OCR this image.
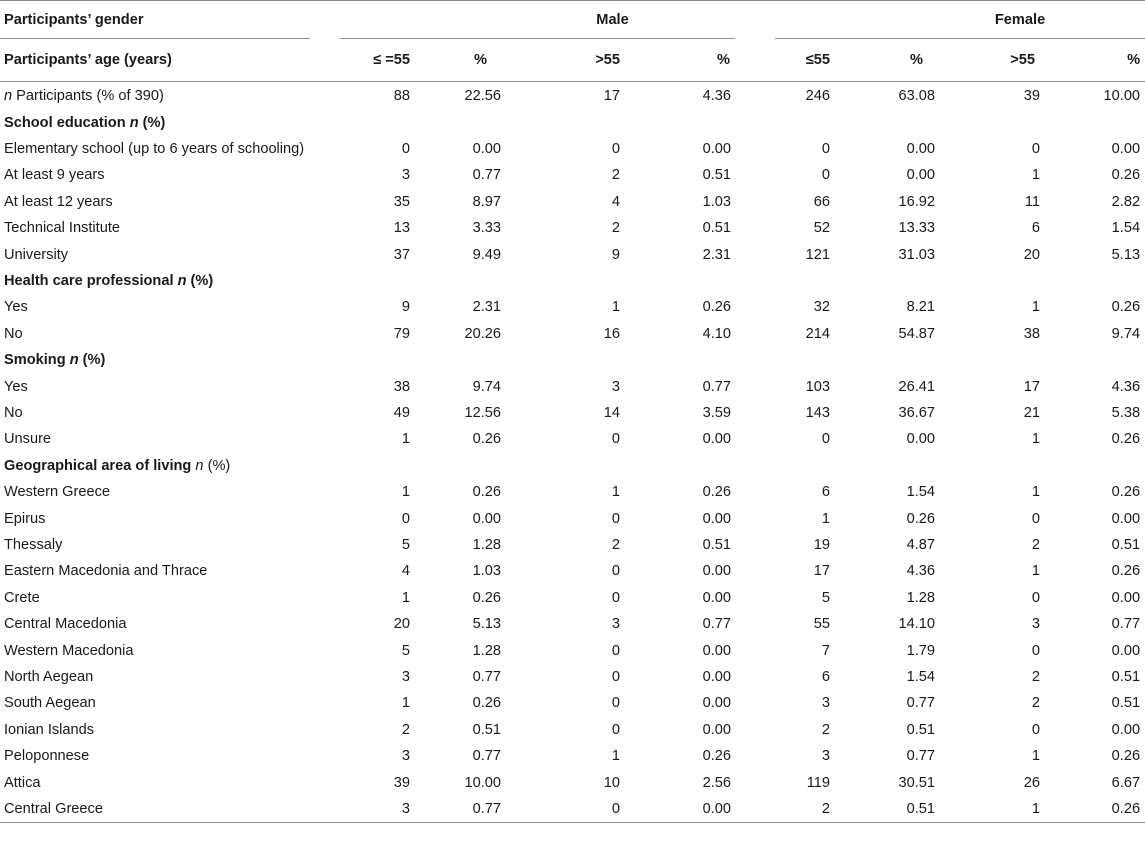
Participants’ gender	Male				Female			
Participants’ age (years)	≤ =55	%	>55	%	≤55	%	>55	%
n Participants (% of 390)	88	22.56	17	4.36	246	63.08	39	10.00
School education n (%)								
Elementary school (up to 6 years of schooling)	0	0.00	0	0.00	0	0.00	0	0.00
At least 9 years	3	0.77	2	0.51	0	0.00	1	0.26
At least 12 years	35	8.97	4	1.03	66	16.92	11	2.82
Technical Institute	13	3.33	2	0.51	52	13.33	6	1.54
University	37	9.49	9	2.31	121	31.03	20	5.13
Health care professional n (%)								
Yes	9	2.31	1	0.26	32	8.21	1	0.26
No	79	20.26	16	4.10	214	54.87	38	9.74
Smoking n (%)								
Yes	38	9.74	3	0.77	103	26.41	17	4.36
No	49	12.56	14	3.59	143	36.67	21	5.38
Unsure	1	0.26	0	0.00	0	0.00	1	0.26
Geographical area of living n (%)								
Western Greece	1	0.26	1	0.26	6	1.54	1	0.26
Epirus	0	0.00	0	0.00	1	0.26	0	0.00
Thessaly	5	1.28	2	0.51	19	4.87	2	0.51
Eastern Macedonia and Thrace	4	1.03	0	0.00	17	4.36	1	0.26
Crete	1	0.26	0	0.00	5	1.28	0	0.00
Central Macedonia	20	5.13	3	0.77	55	14.10	3	0.77
Western Macedonia	5	1.28	0	0.00	7	1.79	0	0.00
North Aegean	3	0.77	0	0.00	6	1.54	2	0.51
South Aegean	1	0.26	0	0.00	3	0.77	2	0.51
Ionian Islands	2	0.51	0	0.00	2	0.51	0	0.00
Peloponnese	3	0.77	1	0.26	3	0.77	1	0.26
Attica	39	10.00	10	2.56	119	30.51	26	6.67
Central Greece	3	0.77	0	0.00	2	0.51	1	0.26
